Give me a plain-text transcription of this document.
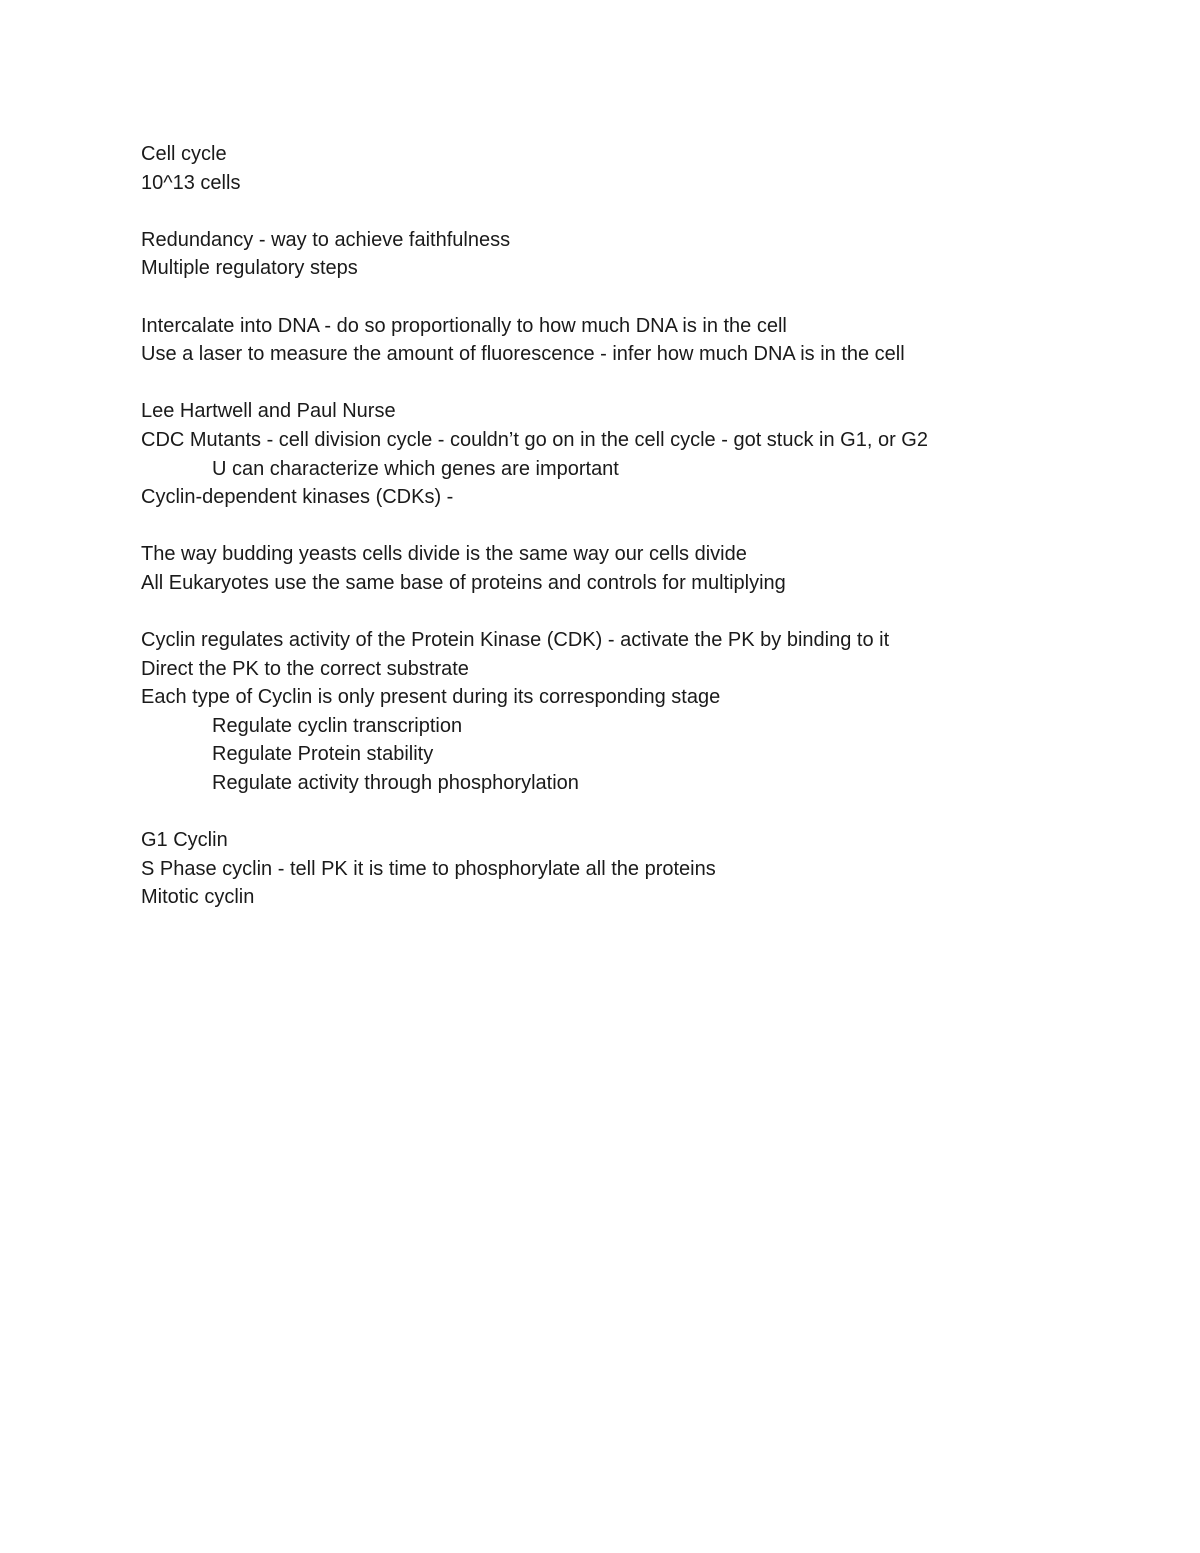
Cell cycle
10^13 cells
Redundancy - way to achieve faithfulness
Multiple regulatory steps
Intercalate into DNA - do so proportionally to how much DNA is in the cell
Use a laser to measure the amount of fluorescence - infer how much DNA is in the cell
Lee Hartwell and Paul Nurse
CDC Mutants - cell division cycle - couldn’t go on in the cell cycle - got stuck in G1, or G2
U can characterize which genes are important
Cyclin-dependent kinases (CDKs) -
The way budding yeasts cells divide is the same way our cells divide
All Eukaryotes use the same base of proteins and controls for multiplying
Cyclin regulates activity of the Protein Kinase (CDK) - activate the PK by binding to it
Direct the PK to the correct substrate
Each type of Cyclin is only present during its corresponding stage
Regulate cyclin transcription
Regulate Protein stability
Regulate activity through phosphorylation
G1 Cyclin
S Phase cyclin - tell PK it is time to phosphorylate all the proteins
Mitotic cyclin
